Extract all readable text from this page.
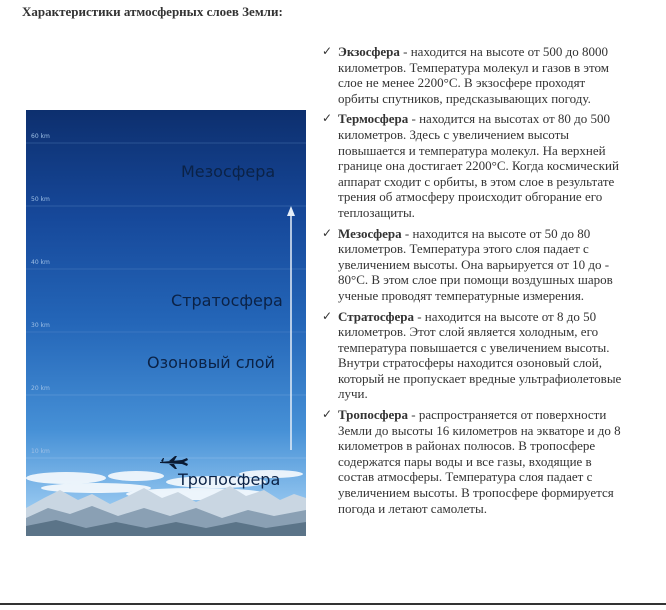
Характеристики атмосферных слоев Земли:
60 km
50 km
40 km
30 km
20 km
10 km
Мезосфера
Стратосфера
Озоновый слой
Тропосфера
✓ Экзосфера - находится на высоте от 500 до 8000 километров. Температура молекул и газов в этом слое не менее 2200°С. В экзосфере проходят орбиты спутников, предсказывающих погоду.
✓ Термосфера - находится на высотах от 80 до 500 километров. Здесь с увеличением высоты повышается и температура молекул. На верхней границе она достигает 2200°С. Когда космический аппарат сходит с орбиты, в этом слое в результате трения об атмосферу происходит обгорание его теплозащиты.
✓ Мезосфера - находится на высоте от 50 до 80 километров. Температура этого слоя падает с увеличением высоты. Она варьируется от 10 до - 80°С. В этом слое при помощи воздушных шаров ученые проводят температурные измерения.
✓ Стратосфера - находится на высоте от 8 до 50 километров. Этот слой является холодным, его температура повышается с увеличением высоты. Внутри стратосферы находится озоновый слой, который не пропускает вредные ультрафиолетовые лучи.
✓ Тропосфера - распространяется от поверхности Земли до высоты 16 километров на экваторе и до 8 километров в районах полюсов. В тропосфере содержатся пары воды и все газы, входящие в состав атмосферы. Температура слоя падает с увеличением высоты. В тропосфере формируется погода и летают самолеты.
